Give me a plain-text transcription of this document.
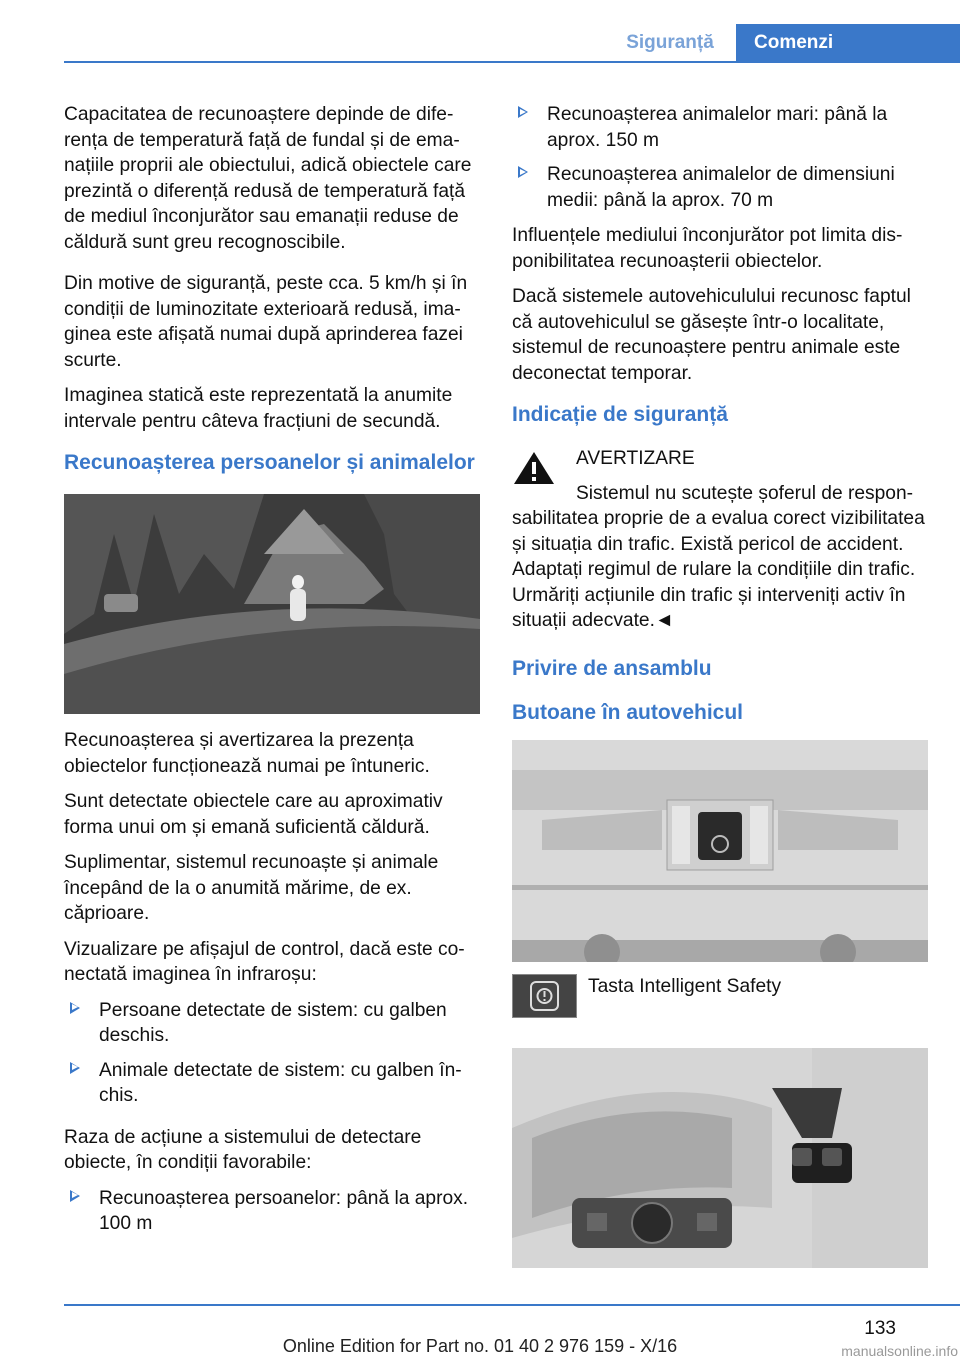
Siguranță	Comenzi

Capacitatea de recunoaștere depinde de diferența de temperatură față de fundal și de emanațiile proprii ale obiectului, adică obiectele care prezintă o diferență redusă de temperatură față de mediul înconjurător sau emanații reduse de căldură sunt greu recognoscibile.

Din motive de siguranță, peste cca. 5 km/h și în condiții de luminozitate exterioară redusă, imaginea este afișată numai după aprinderea fazei scurte.

Imaginea statică este reprezentată la anumite intervale pentru câteva fracțiuni de secundă.

Recunoașterea persoanelor și animalelor

Recunoașterea și avertizarea la prezența obiectelor funcționează numai pe întuneric.

Sunt detectate obiectele care au aproximativ forma unui om și emană suficientă căldură.

Suplimentar, sistemul recunoaște și animale începând de la o anumită mărime, de ex. căprioare.

Vizualizare pe afișajul de control, dacă este conectată imaginea în infraroșu:

Persoane detectate de sistem: cu galben deschis.
Animale detectate de sistem: cu galben închis.

Raza de acțiune a sistemului de detectare obiecte, în condiții favorabile:

Recunoașterea persoanelor: până la aprox. 100 m
Recunoașterea animalelor mari: până la aprox. 150 m
Recunoașterea animalelor de dimensiuni medii: până la aprox. 70 m

Influențele mediului înconjurător pot limita disponibilitatea recunoașterii obiectelor.

Dacă sistemele autovehiculului recunosc faptul că autovehiculul se găsește într-o localitate, sistemul de recunoaștere pentru animale este deconectat temporar.

Indicație de siguranță
AVERTIZARE
Sistemul nu scutește șoferul de responsabilitatea proprie de a evalua corect vizibilitatea și situația din trafic. Există pericol de accident. Adaptați regimul de rulare la condițiile din trafic. Urmăriți acțiunile din trafic și interveniți activ în situații adecvate.◄
Privire de ansamblu
Butoane în autovehicul
Tasta Intelligent Safety
133
Online Edition for Part no. 01 40 2 976 159 - X/16	manualsonline.info
